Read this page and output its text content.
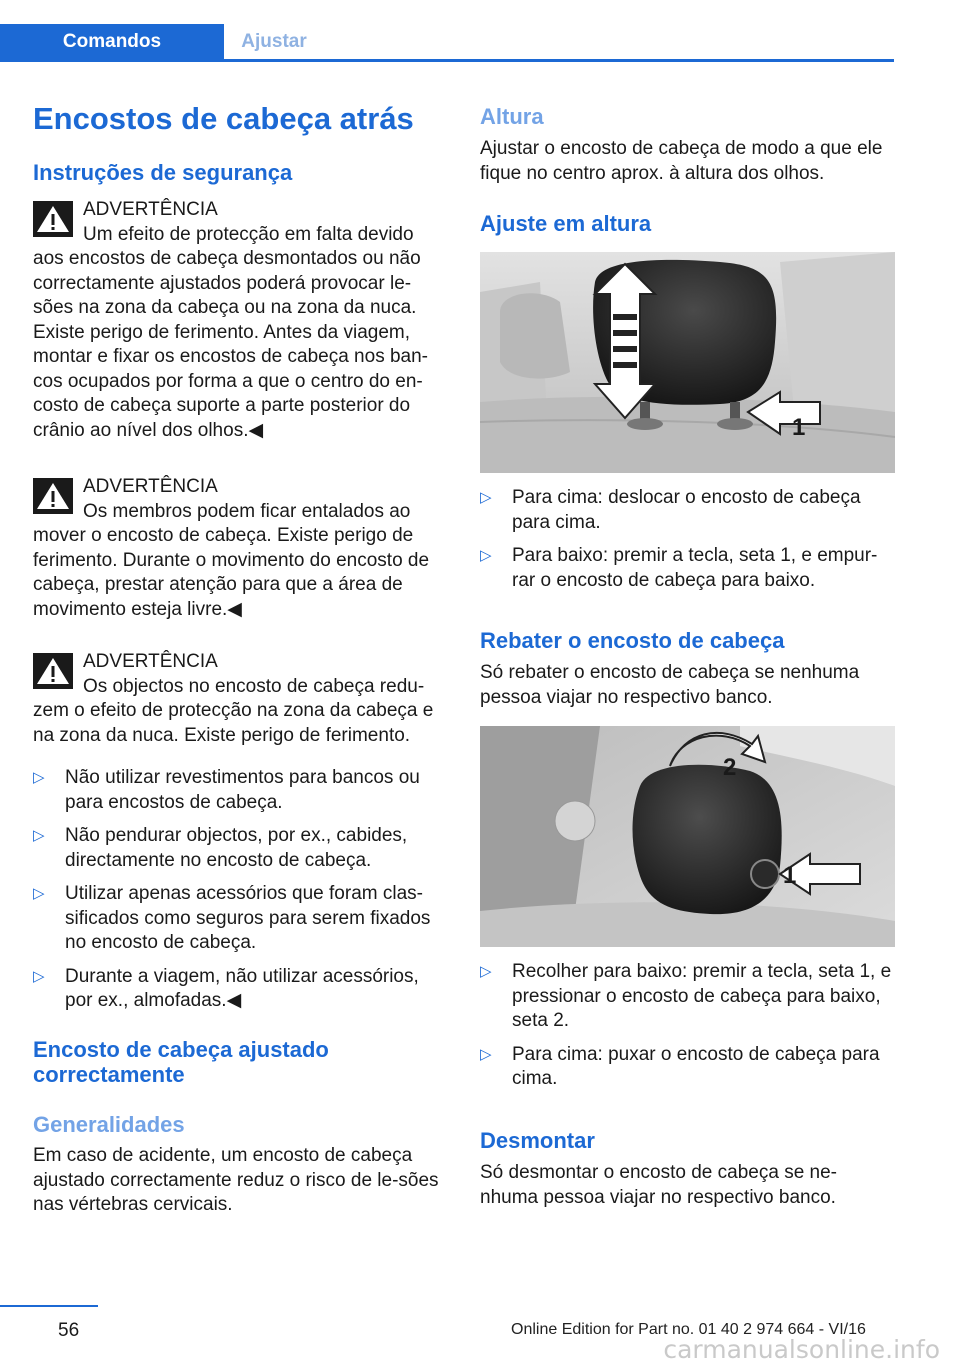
Comandos	Ajustar
Encostos de cabeça atrás
Instruções de segurança
ADVERTÊNCIA
Um efeito de protecção em falta devido
aos encostos de cabeça desmontados ou não correctamente ajustados poderá provocar le-sões na zona da cabeça ou na zona da nuca. Existe perigo de ferimento. Antes da viagem, montar e fixar os encostos de cabeça nos ban-cos ocupados por forma a que o centro do en-costo de cabeça suporte a parte posterior do crânio ao nível dos olhos.◀
ADVERTÊNCIA
Os membros podem ficar entalados ao
mover o encosto de cabeça. Existe perigo de ferimento. Durante o movimento do encosto de cabeça, prestar atenção para que a área de movimento esteja livre.◀
ADVERTÊNCIA
Os objectos no encosto de cabeça redu-
zem o efeito de protecção na zona da cabeça e na zona da nuca. Existe perigo de ferimento.
▷ Não utilizar revestimentos para bancos ou para encostos de cabeça.
▷ Não pendurar objectos, por ex., cabides, directamente no encosto de cabeça.
▷ Utilizar apenas acessórios que foram clas-sificados como seguros para serem fixados no encosto de cabeça.
▷ Durante a viagem, não utilizar acessórios, por ex., almofadas.◀
Encosto de cabeça ajustado correctamente
Generalidades
Em caso de acidente, um encosto de cabeça ajustado correctamente reduz o risco de le-sões nas vértebras cervicais.
Altura
Ajustar o encosto de cabeça de modo a que ele fique no centro aprox. à altura dos olhos.
Ajuste em altura
1
▷ Para cima: deslocar o encosto de cabeça para cima.
▷ Para baixo: premir a tecla, seta 1, e empur-rar o encosto de cabeça para baixo.
Rebater o encosto de cabeça
Só rebater o encosto de cabeça se nenhuma pessoa viajar no respectivo banco.
2
1
▷ Recolher para baixo: premir a tecla, seta 1, e pressionar o encosto de cabeça para baixo, seta 2.
▷ Para cima: puxar o encosto de cabeça para cima.
Desmontar
Só desmontar o encosto de cabeça se ne-nhuma pessoa viajar no respectivo banco.
56	Online Edition for Part no. 01 40 2 974 664 - VI/16
carmanualsonline.info
